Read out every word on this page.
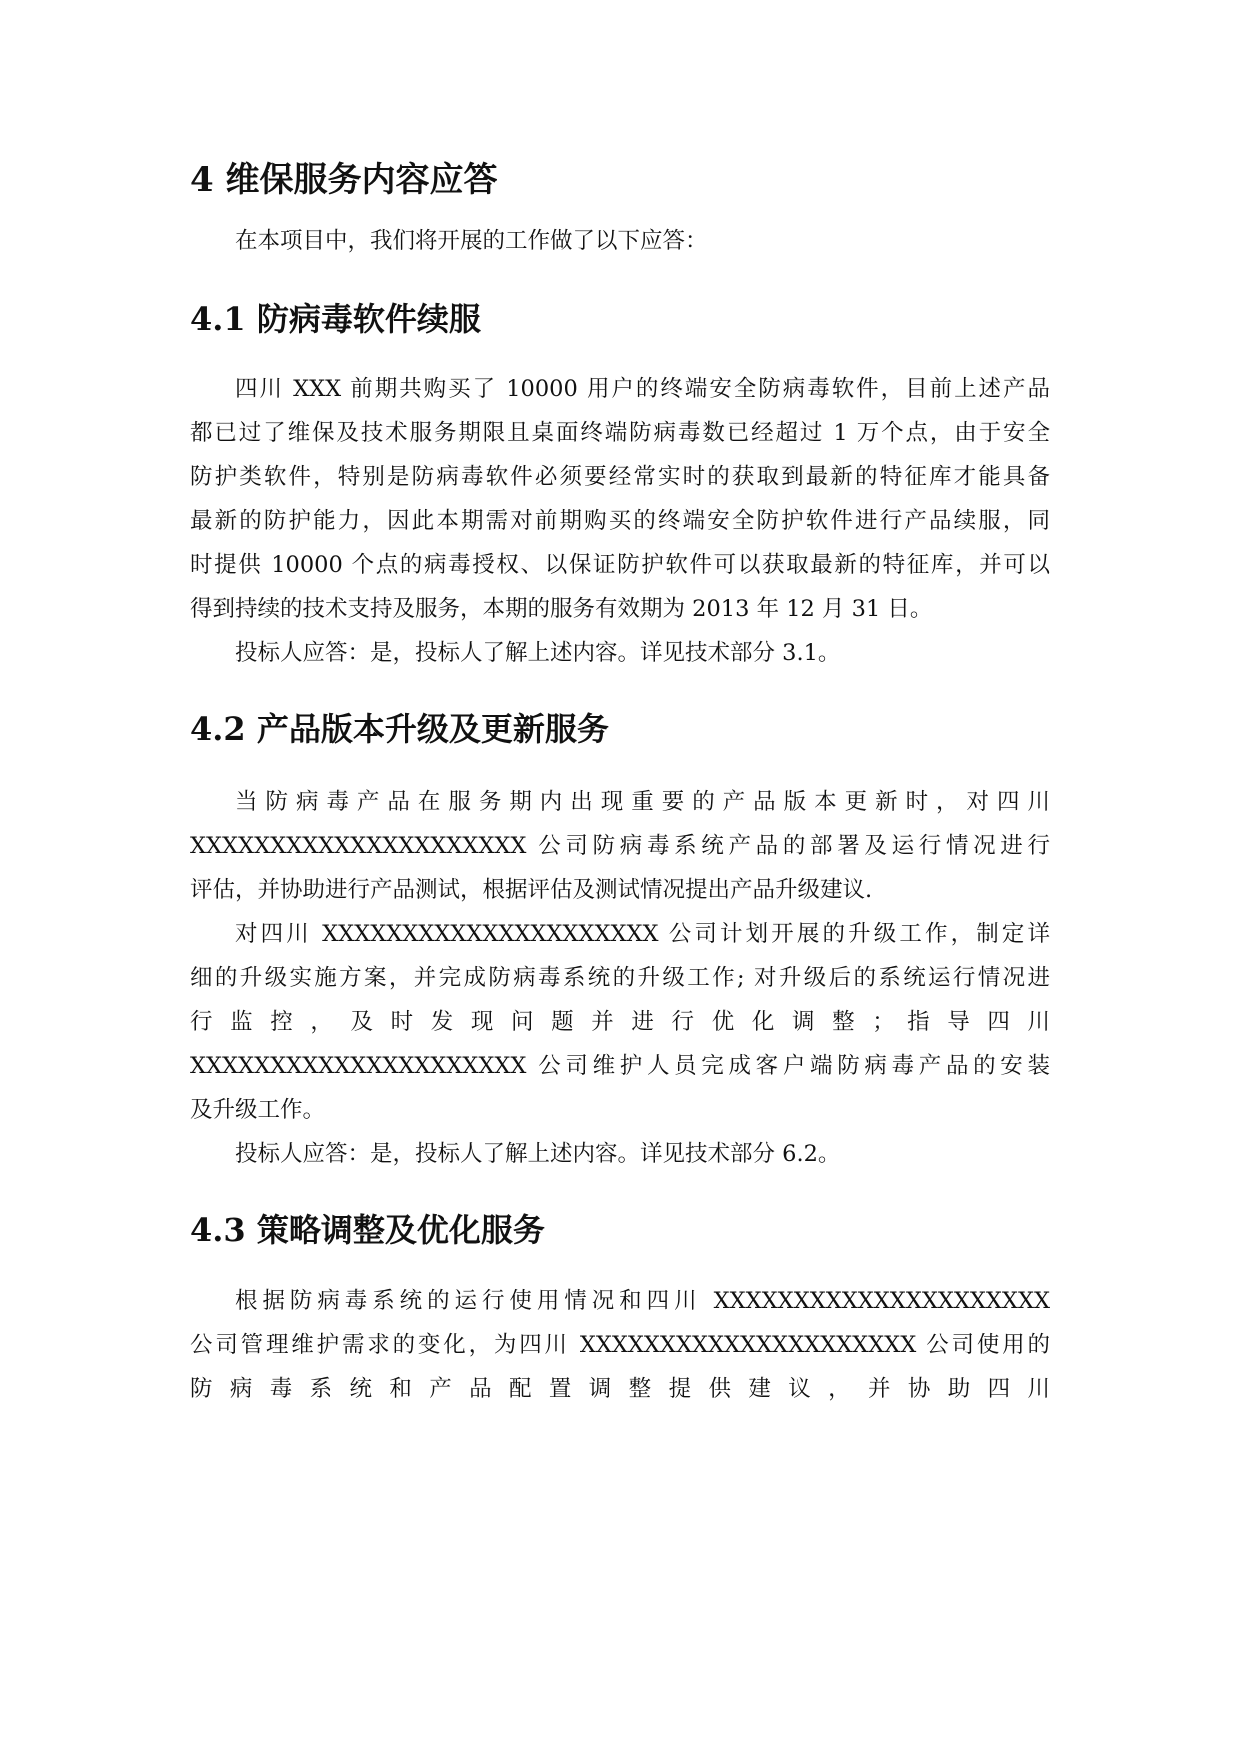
4 维保服务内容应答
在本项目中，我们将开展的工作做了以下应答：
4.1 防病毒软件续服
四川 XXX 前期共购买了 10000 用户的终端安全防病毒软件，目前上述产品
都已过了维保及技术服务期限且桌面终端防病毒数已经超过 1 万个点，由于安全
防护类软件，特别是防病毒软件必须要经常实时的获取到最新的特征库才能具备
最新的防护能力，因此本期需对前期购买的终端安全防护软件进行产品续服，同
时提供 10000 个点的病毒授权、以保证防护软件可以获取最新的特征库，并可以
得到持续的技术支持及服务，本期的服务有效期为 2013 年 12 月 31 日。
投标人应答：是，投标人了解上述内容。详见技术部分 3.1。
4.2 产品版本升级及更新服务
当防病毒产品在服务期内出现重要的产品版本更新时，对四川
XXXXXXXXXXXXXXXXXXXXX 公司防病毒系统产品的部署及运行情况进行
评估，并协助进行产品测试，根据评估及测试情况提出产品升级建议.
对四川 XXXXXXXXXXXXXXXXXXXXX 公司计划开展的升级工作，制定详
细的升级实施方案，并完成防病毒系统的升级工作; 对升级后的系统运行情况进
行 监 控 ， 及 时 发 现 问 题 并 进 行 优 化 调 整 ； 指 导 四 川
XXXXXXXXXXXXXXXXXXXXX 公司维护人员完成客户端防病毒产品的安装
及升级工作。
投标人应答：是，投标人了解上述内容。详见技术部分 6.2。
4.3 策略调整及优化服务
根据防病毒系统的运行使用情况和四川 XXXXXXXXXXXXXXXXXXXXX
公司管理维护需求的变化，为四川 XXXXXXXXXXXXXXXXXXXXX 公司使用的
防 病 毒 系 统 和 产 品 配 置 调 整 提 供 建 议 ， 并 协 助 四 川
